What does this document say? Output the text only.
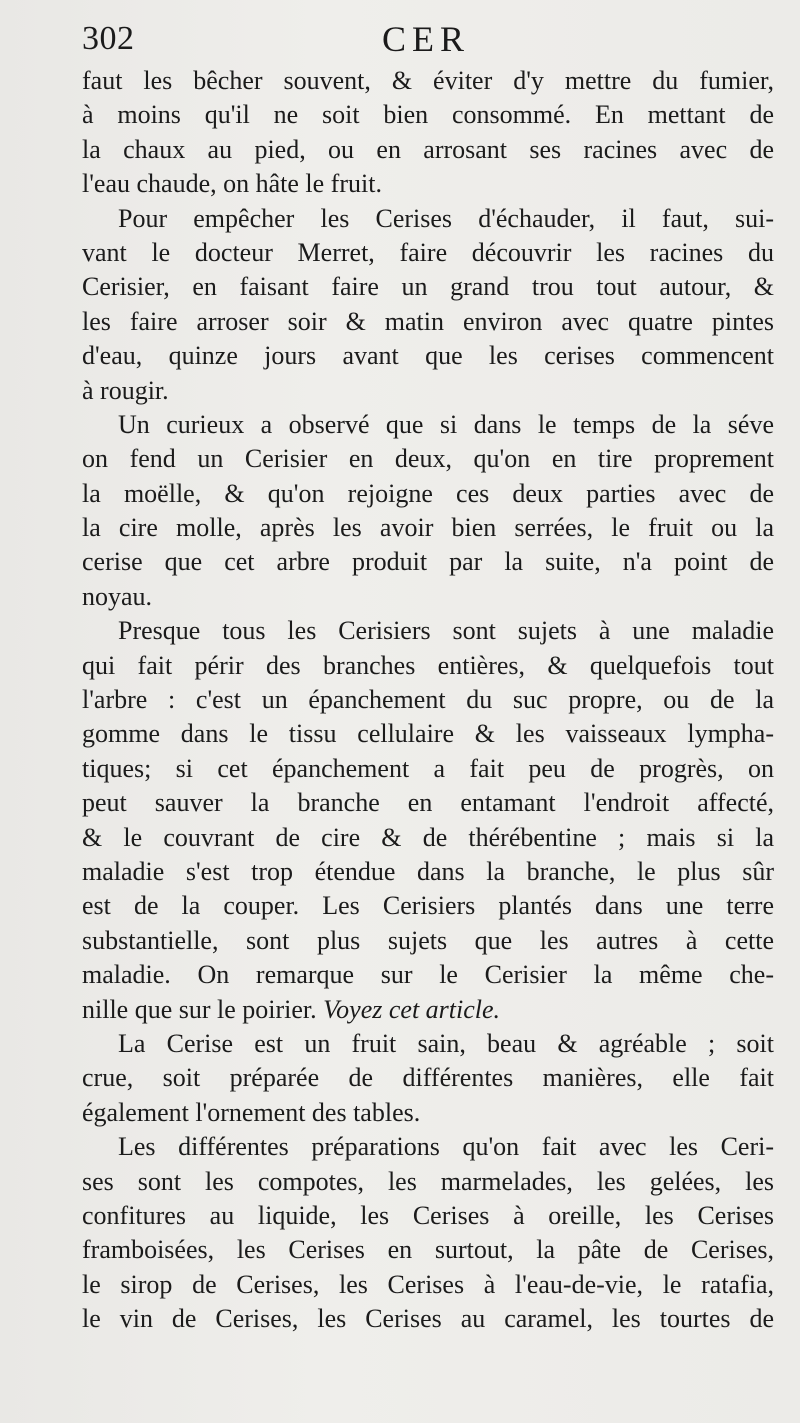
302	CER
faut les bêcher souvent, & éviter d'y mettre du fumier,
à moins qu'il ne soit bien consommé. En mettant de
la chaux au pied, ou en arrosant ses racines avec de
l'eau chaude, on hâte le fruit.
Pour empêcher les Cerises d'échauder, il faut, sui-
vant le docteur Merret, faire découvrir les racines du
Cerisier, en faisant faire un grand trou tout autour, &
les faire arroser soir & matin environ avec quatre pintes
d'eau, quinze jours avant que les cerises commencent
à rougir.
Un curieux a observé que si dans le temps de la séve
on fend un Cerisier en deux, qu'on en tire proprement
la moëlle, & qu'on rejoigne ces deux parties avec de
la cire molle, après les avoir bien serrées, le fruit ou la
cerise que cet arbre produit par la suite, n'a point de
noyau.
Presque tous les Cerisiers sont sujets à une maladie
qui fait périr des branches entières, & quelquefois tout
l'arbre : c'est un épanchement du suc propre, ou de la
gomme dans le tissu cellulaire & les vaisseaux lympha-
tiques; si cet épanchement a fait peu de progrès, on
peut sauver la branche en entamant l'endroit affecté,
& le couvrant de cire & de thérébentine ; mais si la
maladie s'est trop étendue dans la branche, le plus sûr
est de la couper. Les Cerisiers plantés dans une terre
substantielle, sont plus sujets que les autres à cette
maladie. On remarque sur le Cerisier la même che-
nille que sur le poirier. Voyez cet article.
La Cerise est un fruit sain, beau & agréable ; soit
crue, soit préparée de différentes manières, elle fait
également l'ornement des tables.
Les différentes préparations qu'on fait avec les Ceri-
ses sont les compotes, les marmelades, les gelées, les
confitures au liquide, les Cerises à oreille, les Cerises
framboisées, les Cerises en surtout, la pâte de Cerises,
le sirop de Cerises, les Cerises à l'eau-de-vie, le ratafia,
le vin de Cerises, les Cerises au caramel, les tourtes de
